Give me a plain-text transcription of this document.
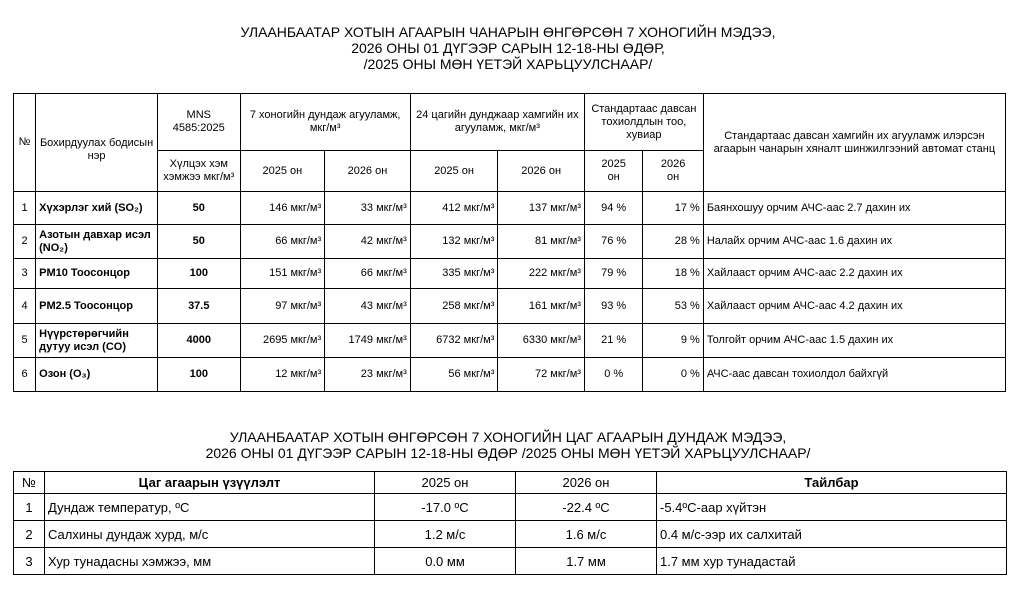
УЛААНБААТАР ХОТЫН АГААРЫН ЧАНАРЫН ӨНГӨРСӨН 7 ХОНОГИЙН МЭДЭЭ,
2026 ОНЫ 01 ДҮГЭЭР САРЫН 12-18-НЫ ӨДӨР,
/2025 ОНЫ МӨН ҮЕТЭЙ ХАРЬЦУУЛСНААР/
№	Бохирдуулах бодисын нэр	MNS 4585:2025	7 хоногийн дундаж агууламж, мкг/м³		24 цагийн дунджаар хамгийн их агууламж, мкг/м³		Стандартаас давсан тохиолдлын тоо, хувиар		Стандартаас давсан хамгийн их агууламж илэрсэн агаарын чанарын хяналт шинжилгээний автомат станц
		Хүлцэх хэм хэмжээ мкг/м³	2025 он	2026 он	2025 он	2026 он	2025 он	2026 он	
1	Хүхэрлэг хий (SO₂)	50	146 мкг/м³	33 мкг/м³	412 мкг/м³	137 мкг/м³	94 %	17 %	Баянхошуу орчим АЧС-аас 2.7 дахин их
2	Азотын давхар исэл (NO₂)	50	66 мкг/м³	42 мкг/м³	132 мкг/м³	81 мкг/м³	76 %	28 %	Налайх орчим АЧС-аас 1.6 дахин их
3	PM10 Тоосонцор	100	151 мкг/м³	66 мкг/м³	335 мкг/м³	222 мкг/м³	79 %	18 %	Хайлааст орчим АЧС-аас 2.2 дахин их
4	PM2.5 Тоосонцор	37.5	97 мкг/м³	43 мкг/м³	258 мкг/м³	161 мкг/м³	93 %	53 %	Хайлааст орчим АЧС-аас 4.2 дахин их
5	Нүүрстөрөгчийн дутуу исэл (CO)	4000	2695 мкг/м³	1749 мкг/м³	6732 мкг/м³	6330 мкг/м³	21 %	9 %	Толгойт орчим АЧС-аас 1.5 дахин их
6	Озон (O₃)	100	12 мкг/м³	23 мкг/м³	56 мкг/м³	72 мкг/м³	0 %	0 %	АЧС-аас давсан тохиолдол байхгүй
УЛААНБААТАР ХОТЫН ӨНГӨРСӨН 7 ХОНОГИЙН ЦАГ АГААРЫН ДУНДАЖ МЭДЭЭ,
2026 ОНЫ 01 ДҮГЭЭР САРЫН 12-18-НЫ ӨДӨР /2025 ОНЫ МӨН ҮЕТЭЙ ХАРЬЦУУЛСНААР/
№	Цаг агаарын үзүүлэлт	2025 он	2026 он	Тайлбар
1	Дундаж температур, ºC	-17.0 ºC	-22.4 ºC	-5.4ºC-аар хүйтэн
2	Салхины дундаж хурд, м/с	1.2 м/с	1.6 м/с	0.4 м/с-ээр их салхитай
3	Хур тунадасны хэмжээ, мм	0.0 мм	1.7 мм	1.7 мм хур тунадастай
